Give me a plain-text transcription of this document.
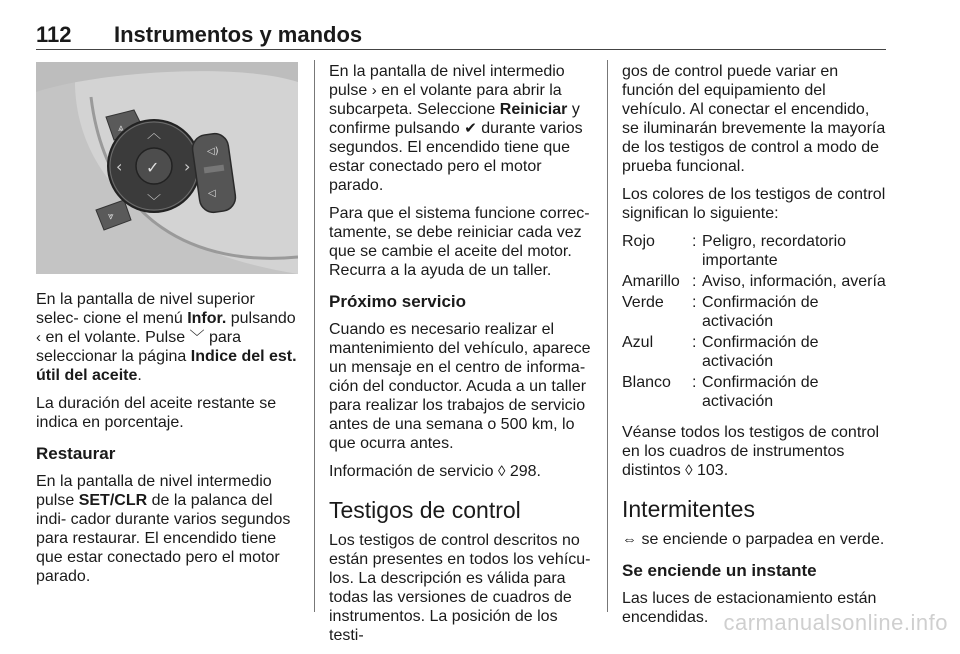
112 Instrumentos y mandos
⩓
⩔
︿
﹀
‹	›
✓
◁)
◁

En la pantalla de nivel superior selec‐ cione el menú Infor. pulsando ‹ en el volante. Pulse ﹀ para seleccionar la página Indice del est. útil del aceite.

La duración del aceite restante se indica en porcentaje.

Restaurar

En la pantalla de nivel intermedio pulse SET/CLR de la palanca del indi‐ cador durante varios segundos para restaurar. El encendido tiene que estar conectado pero el motor parado.

En la pantalla de nivel intermedio pulse › en el volante para abrir la subcarpeta. Seleccione Reiniciar y confirme pulsando ✔ durante varios segundos. El encendido tiene que estar conectado pero el motor parado.

Para que el sistema funcione correc‐ tamente, se debe reiniciar cada vez que se cambie el aceite del motor. Recurra a la ayuda de un taller.

Próximo servicio

Cuando es necesario realizar el mantenimiento del vehículo, aparece un mensaje en el centro de informa‐ ción del conductor. Acuda a un taller para realizar los trabajos de servicio antes de una semana o 500 km, lo que ocurra antes.

Información de servicio ◊ 298.

Testigos de control

Los testigos de control descritos no están presentes en todos los vehícu‐ los. La descripción es válida para todas las versiones de cuadros de instrumentos. La posición de los testi‐

gos de control puede variar en función del equipamiento del vehículo. Al conectar el encendido, se iluminarán brevemente la mayoría de los testigos de control a modo de prueba funcional.

Los colores de los testigos de control significan lo siguiente:

Rojo	: Peligro, recordatorio importante
Amarillo : Aviso, información, avería
Verde	: Confirmación de activación
Azul	: Confirmación de activación
Blanco	: Confirmación de activación

Véanse todos los testigos de control en los cuadros de instrumentos distintos ◊ 103.

Intermitentes

⇔ se enciende o parpadea en verde.

Se enciende un instante

Las luces de estacionamiento están encendidas. carmanualsonline.info
